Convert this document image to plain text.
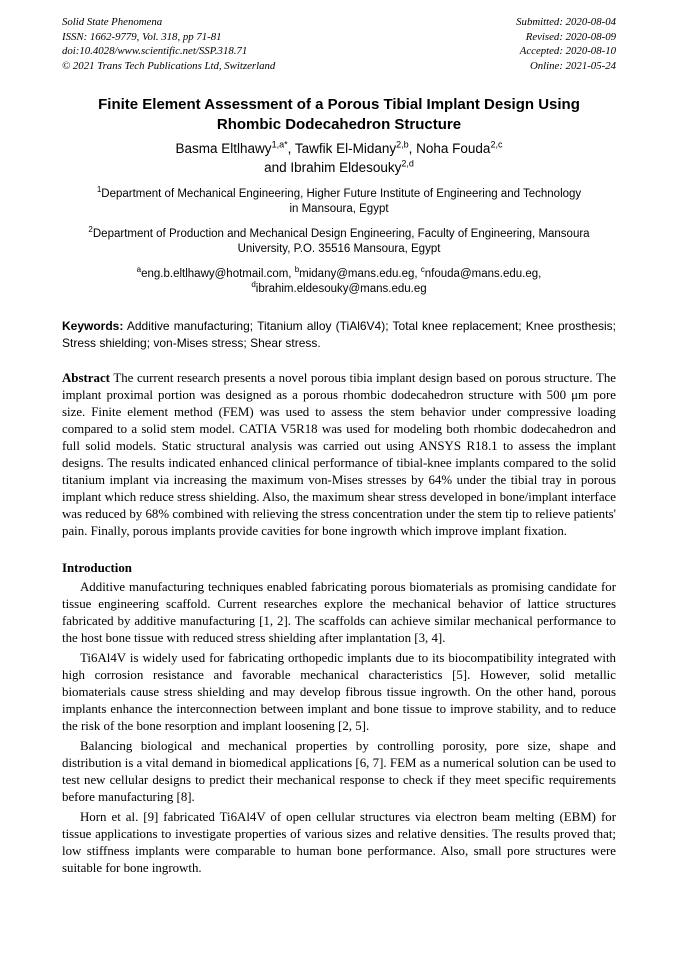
Solid State Phenomena
ISSN: 1662-9779, Vol. 318, pp 71-81
doi:10.4028/www.scientific.net/SSP.318.71
© 2021 Trans Tech Publications Ltd, Switzerland
Submitted: 2020-08-04
Revised: 2020-08-09
Accepted: 2020-08-10
Online: 2021-05-24
Finite Element Assessment of a Porous Tibial Implant Design Using
Rhombic Dodecahedron Structure
Basma Eltlhawy$^{1,a*}$, Tawfik El-Midany$^{2,b}$, Noha Fouda$^{2,c}$
and Ibrahim Eldesouky$^{2,d}$
$^1$Department of Mechanical Engineering, Higher Future Institute of Engineering and Technology
in Mansoura, Egypt
$^2$Department of Production and Mechanical Design Engineering, Faculty of Engineering, Mansoura
University, P.O. 35516 Mansoura, Egypt
$^a$eng.b.eltlhawy@hotmail.com, $^b$midany@mans.edu.eg, $^c$nfouda@mans.edu.eg,
$^d$ibrahim.eldesouky@mans.edu.eg

Keywords: Additive manufacturing; Titanium alloy (TiAl6V4); Total knee replacement; Knee prosthesis; Stress shielding; von-Mises stress; Shear stress.

Abstract The current research presents a novel porous tibia implant design based on porous structure. The implant proximal portion was designed as a porous rhombic dodecahedron structure with 500 μm pore size. Finite element method (FEM) was used to assess the stem behavior under compressive loading compared to a solid stem model. CATIA V5R18 was used for modeling both rhombic dodecahedron and full solid models. Static structural analysis was carried out using ANSYS R18.1 to assess the implant designs. The results indicated enhanced clinical performance of tibial-knee implants compared to the solid titanium implant via increasing the maximum von-Mises stresses by 64% under the tibial tray in porous implant which reduce stress shielding. Also, the maximum shear stress developed in bone/implant interface was reduced by 68% combined with relieving the stress concentration under the stem tip to relieve patients' pain. Finally, porous implants provide cavities for bone ingrowth which improve implant fixation.

Introduction

Additive manufacturing techniques enabled fabricating porous biomaterials as promising candidate for tissue engineering scaffold. Current researches explore the mechanical behavior of lattice structures fabricated by additive manufacturing [1, 2]. The scaffolds can achieve similar mechanical performance to the host bone tissue with reduced stress shielding after implantation [3, 4].

Ti6Al4V is widely used for fabricating orthopedic implants due to its biocompatibility integrated with high corrosion resistance and favorable mechanical characteristics [5]. However, solid metallic biomaterials cause stress shielding and may develop fibrous tissue ingrowth. On the other hand, porous implants enhance the interconnection between implant and bone tissue to improve stability, and to reduce the risk of the bone resorption and implant loosening [2, 5].

Balancing biological and mechanical properties by controlling porosity, pore size, shape and distribution is a vital demand in biomedical applications [6, 7]. FEM as a numerical solution can be used to test new cellular designs to predict their mechanical response to check if they meet specific requirements before manufacturing [8].

Horn et al. [9] fabricated Ti6Al4V of open cellular structures via electron beam melting (EBM) for tissue applications to investigate properties of various sizes and relative densities. The results proved that; low stiffness implants were comparable to human bone performance. Also, small pore structures were suitable for bone ingrowth.
